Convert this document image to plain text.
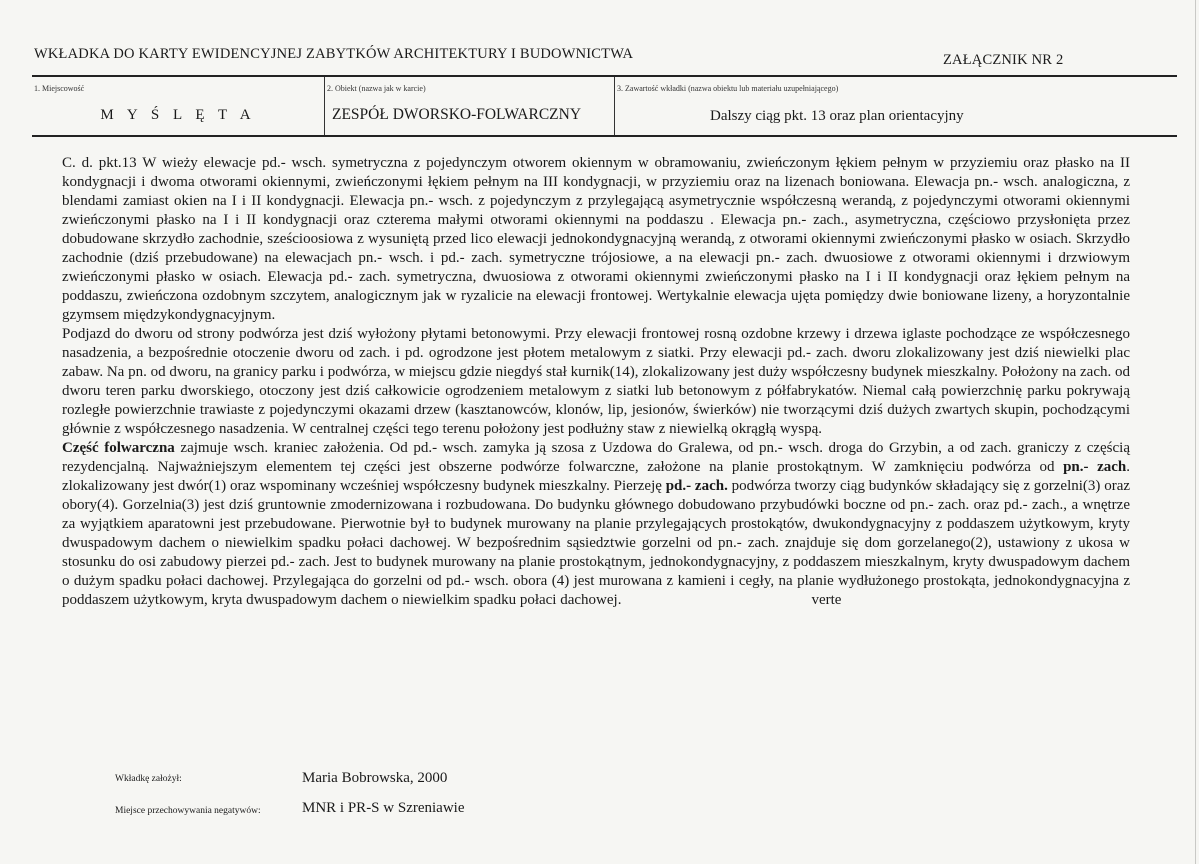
WKŁADKA DO KARTY EWIDENCYJNEJ ZABYTKÓW ARCHITEKTURY I BUDOWNICTWA	ZAŁĄCZNIK NR 2
1. Miejscowość
M Y Ś L Ę T A
2. Obiekt (nazwa jak w karcie)
ZESPÓŁ DWORSKO-FOLWARCZNY
3. Zawartość wkładki (nazwa obiektu lub materiału uzupełniającego)
Dalszy ciąg pkt. 13 oraz plan orientacyjny

C. d. pkt.13 W wieży elewacje pd.- wsch. symetryczna z pojedynczym otworem okiennym w obramowaniu, zwieńczonym łękiem pełnym w przyziemiu oraz płasko na II kondygnacji i dwoma otworami okiennymi, zwieńczonymi łękiem pełnym na III kondygnacji, w przyziemiu oraz na lizenach boniowana. Elewacja pn.- wsch. analogiczna, z blendami zamiast okien na I i II kondygnacji. Elewacja pn.- wsch. z pojedynczym z przylegającą asymetrycznie współczesną werandą, z pojedynczymi otworami okiennymi zwieńczonymi płasko na I i II kondygnacji oraz czterema małymi otworami okiennymi na poddaszu . Elewacja pn.- zach., asymetryczna, częściowo przysłonięta przez dobudowane skrzydło zachodnie, sześcioosiowa z wysuniętą przed lico elewacji jednokondygnacyjną werandą, z otworami okiennymi zwieńczonymi płasko w osiach. Skrzydło zachodnie (dziś przebudowane) na elewacjach pn.- wsch. i pd.- zach. symetryczne trójosiowe, a na elewacji pn.- zach. dwuosiowe z otworami okiennymi i drzwiowym zwieńczonymi płasko w osiach. Elewacja pd.- zach. symetryczna, dwuosiowa z otworami okiennymi zwieńczonymi płasko na I i II kondygnacji oraz łękiem pełnym na poddaszu, zwieńczona ozdobnym szczytem, analogicznym jak w ryzalicie na elewacji frontowej. Wertykalnie elewacja ujęta pomiędzy dwie boniowane lizeny, a horyzontalnie gzymsem międzykondygnacyjnym.

Podjazd do dworu od strony podwórza jest dziś wyłożony płytami betonowymi. Przy elewacji frontowej rosną ozdobne krzewy i drzewa iglaste pochodzące ze współczesnego nasadzenia, a bezpośrednie otoczenie dworu od zach. i pd. ogrodzone jest płotem metalowym z siatki. Przy elewacji pd.- zach. dworu zlokalizowany jest dziś niewielki plac zabaw. Na pn. od dworu, na granicy parku i podwórza, w miejscu gdzie niegdyś stał kurnik(14), zlokalizowany jest duży współczesny budynek mieszkalny. Położony na zach. od dworu teren parku dworskiego, otoczony jest dziś całkowicie ogrodzeniem metalowym z siatki lub betonowym z półfabrykatów. Niemal całą powierzchnię parku pokrywają rozległe powierzchnie trawiaste z pojedynczymi okazami drzew (kasztanowców, klonów, lip, jesionów, świerków) nie tworzącymi dziś dużych zwartych skupin, pochodzącymi głównie z współczesnego nasadzenia. W centralnej części tego terenu położony jest podłużny staw z niewielką okrągłą wyspą.

Część folwarczna zajmuje wsch. kraniec założenia. Od pd.- wsch. zamyka ją szosa z Uzdowa do Gralewa, od pn.- wsch. droga do Grzybin, a od zach. graniczy z częścią rezydencjalną. Najważniejszym elementem tej części jest obszerne podwórze folwarczne, założone na planie prostokątnym. W zamknięciu podwórza od pn.- zach. zlokalizowany jest dwór(1) oraz wspominany wcześniej współczesny budynek mieszkalny. Pierzeję pd.- zach. podwórza tworzy ciąg budynków składający się z gorzelni(3) oraz obory(4). Gorzelnia(3) jest dziś gruntownie zmodernizowana i rozbudowana. Do budynku głównego dobudowano przybudówki boczne od pn.- zach. oraz pd.- zach., a wnętrze za wyjątkiem aparatowni jest przebudowane. Pierwotnie był to budynek murowany na planie przylegających prostokątów, dwukondygnacyjny z poddaszem użytkowym, kryty dwuspadowym dachem o niewielkim spadku połaci dachowej. W bezpośrednim sąsiedztwie gorzelni od pn.- zach. znajduje się dom gorzelanego(2), ustawiony z ukosa w stosunku do osi zabudowy pierzei pd.- zach. Jest to budynek murowany na planie prostokątnym, jednokondygnacyjny, z poddaszem mieszkalnym, kryty dwuspadowym dachem o dużym spadku połaci dachowej. Przylegająca do gorzelni od pd.- wsch. obora (4) jest murowana z kamieni i cegły, na planie wydłużonego prostokąta, jednokondygnacyjna z poddaszem użytkowym, kryta dwuspadowym dachem o niewielkim spadku połaci dachowej.	verte

Wkładkę założył:	Maria Bobrowska, 2000
Miejsce przechowywania negatywów:	MNR i PR-S w Szreniawie
